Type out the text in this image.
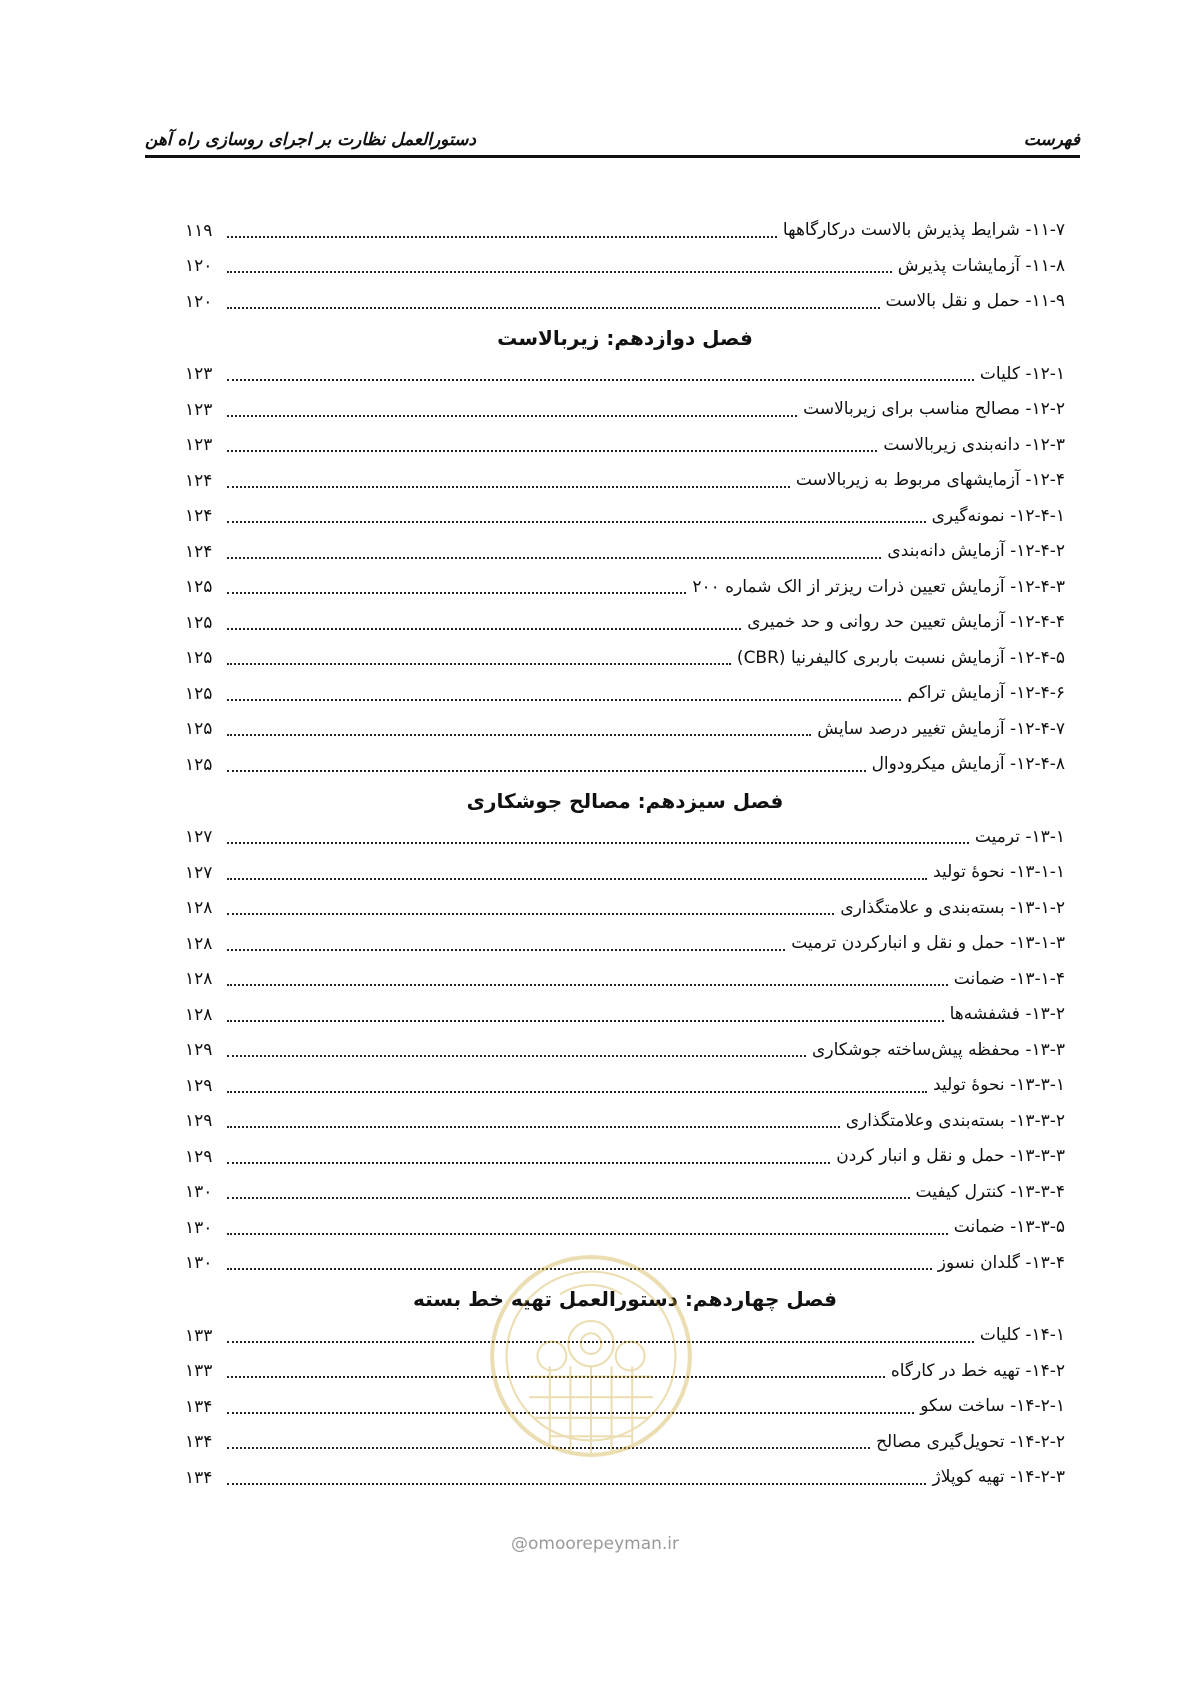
فهرست
دستورالعمل نظارت بر اجرای روسازی راه آهن
۱۱-۷- شرایط پذیرش بالاست درکارگاهها
۱۱۹
۱۱-۸- آزمایشات پذیرش
۱۲۰
۱۱-۹- حمل و نقل بالاست
۱۲۰
فصل دوازدهم: زیربالاست
۱۲-۱- کلیات
۱۲۳
۱۲-۲- مصالح مناسب برای زیربالاست
۱۲۳
۱۲-۳- دانه‌بندی زیربالاست
۱۲۳
۱۲-۴- آزمایشهای مربوط به زیربالاست
۱۲۴
۱۲-۴-۱- نمونه‌گیری
۱۲۴
۱۲-۴-۲- آزمایش دانه‌بندی
۱۲۴
۱۲-۴-۳- آزمایش تعیین ذرات ریزتر از الک شماره ۲۰۰
۱۲۵
۱۲-۴-۴- آزمایش تعیین حد روانی و حد خمیری
۱۲۵
۱۲-۴-۵- آزمایش نسبت باربری کالیفرنیا (CBR)
۱۲۵
۱۲-۴-۶- آزمایش تراکم
۱۲۵
۱۲-۴-۷- آزمایش تغییر درصد سایش
۱۲۵
۱۲-۴-۸- آزمایش میکرودوال
۱۲۵
فصل سیزدهم: مصالح جوشکاری
۱۳-۱- ترمیت
۱۲۷
۱۳-۱-۱- نحوهٔ تولید
۱۲۷
۱۳-۱-۲- بسته‌بندی و علامتگذاری
۱۲۸
۱۳-۱-۳- حمل و نقل و انبارکردن ترمیت
۱۲۸
۱۳-۱-۴- ضمانت
۱۲۸
۱۳-۲- فشفشه‌ها
۱۲۸
۱۳-۳- محفظه پیش‌ساخته جوشکاری
۱۲۹
۱۳-۳-۱- نحوهٔ تولید
۱۲۹
۱۳-۳-۲- بسته‌بندی وعلامتگذاری
۱۲۹
۱۳-۳-۳- حمل و نقل و انبار کردن
۱۲۹
۱۳-۳-۴- کنترل کیفیت
۱۳۰
۱۳-۳-۵- ضمانت
۱۳۰
۱۳-۴- گلدان نسوز
۱۳۰
فصل چهاردهم: دستورالعمل تهیه خط بسته
۱۴-۱- کلیات
۱۳۳
۱۴-۲- تهیه خط در کارگاه
۱۳۳
۱۴-۲-۱- ساخت سکو
۱۳۴
۱۴-۲-۲- تحویل‌گیری مصالح
۱۳۴
۱۴-۲-۳- تهیه کوپلاژ
۱۳۴
@omoorepeyman.ir
